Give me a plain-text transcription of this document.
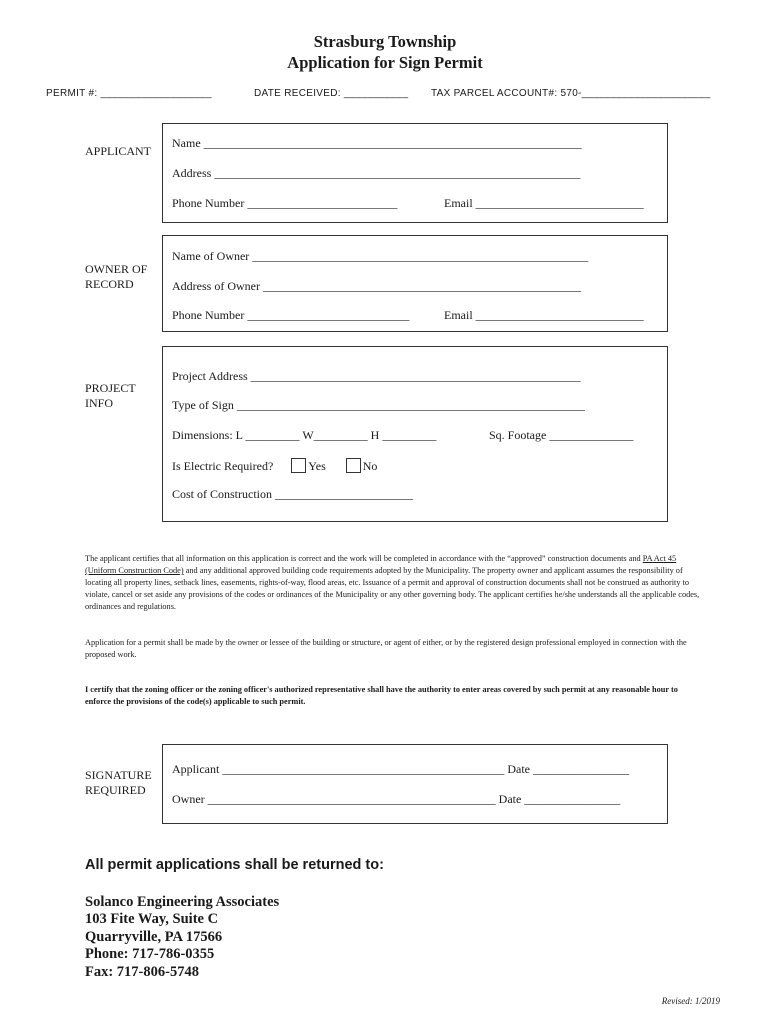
Strasburg Township
Application for Sign Permit
PERMIT #: ___________________	DATE RECEIVED: ___________ TAX PARCEL ACCOUNT#: 570-______________________
APPLICANT
Name _______________________________________________________________
Address _____________________________________________________________
Phone Number _________________________	Email ____________________________
OWNER OF
RECORD
Name of Owner ________________________________________________________
Address of Owner _____________________________________________________
Phone Number ___________________________	Email ____________________________
PROJECT
INFO
Project Address _______________________________________________________
Type of Sign __________________________________________________________
Dimensions: L _________ W_________ H _________	Sq. Footage ______________
Is Electric Required?	Yes	No
Cost of Construction _______________________
The applicant certifies that all information on this application is correct and the work will be completed in accordance with the “approved” construction documents and PA Act 45 (Uniform Construction Code) and any additional approved building code requirements adopted by the Municipality. The property owner and applicant assumes the responsibility of locating all property lines, setback lines, easements, rights-of-way, flood areas, etc. Issuance of a permit and approval of construction documents shall not be construed as authority to violate, cancel or set aside any provisions of the codes or ordinances of the Municipality or any other governing body. The applicant certifies he/she understands all the applicable codes, ordinances and regulations.
Application for a permit shall be made by the owner or lessee of the building or structure, or agent of either, or by the registered design professional employed in connection with the proposed work.
I certify that the zoning officer or the zoning officer's authorized representative shall have the authority to enter areas covered by such permit at any reasonable hour to enforce the provisions of the code(s) applicable to such permit.
SIGNATURE
REQUIRED
Applicant _______________________________________________ Date ________________
Owner ________________________________________________ Date ________________
All permit applications shall be returned to:
Solanco Engineering Associates
103 Fite Way, Suite C
Quarryville, PA 17566
Phone: 717-786-0355
Fax: 717-806-5748
Revised: 1/2019
